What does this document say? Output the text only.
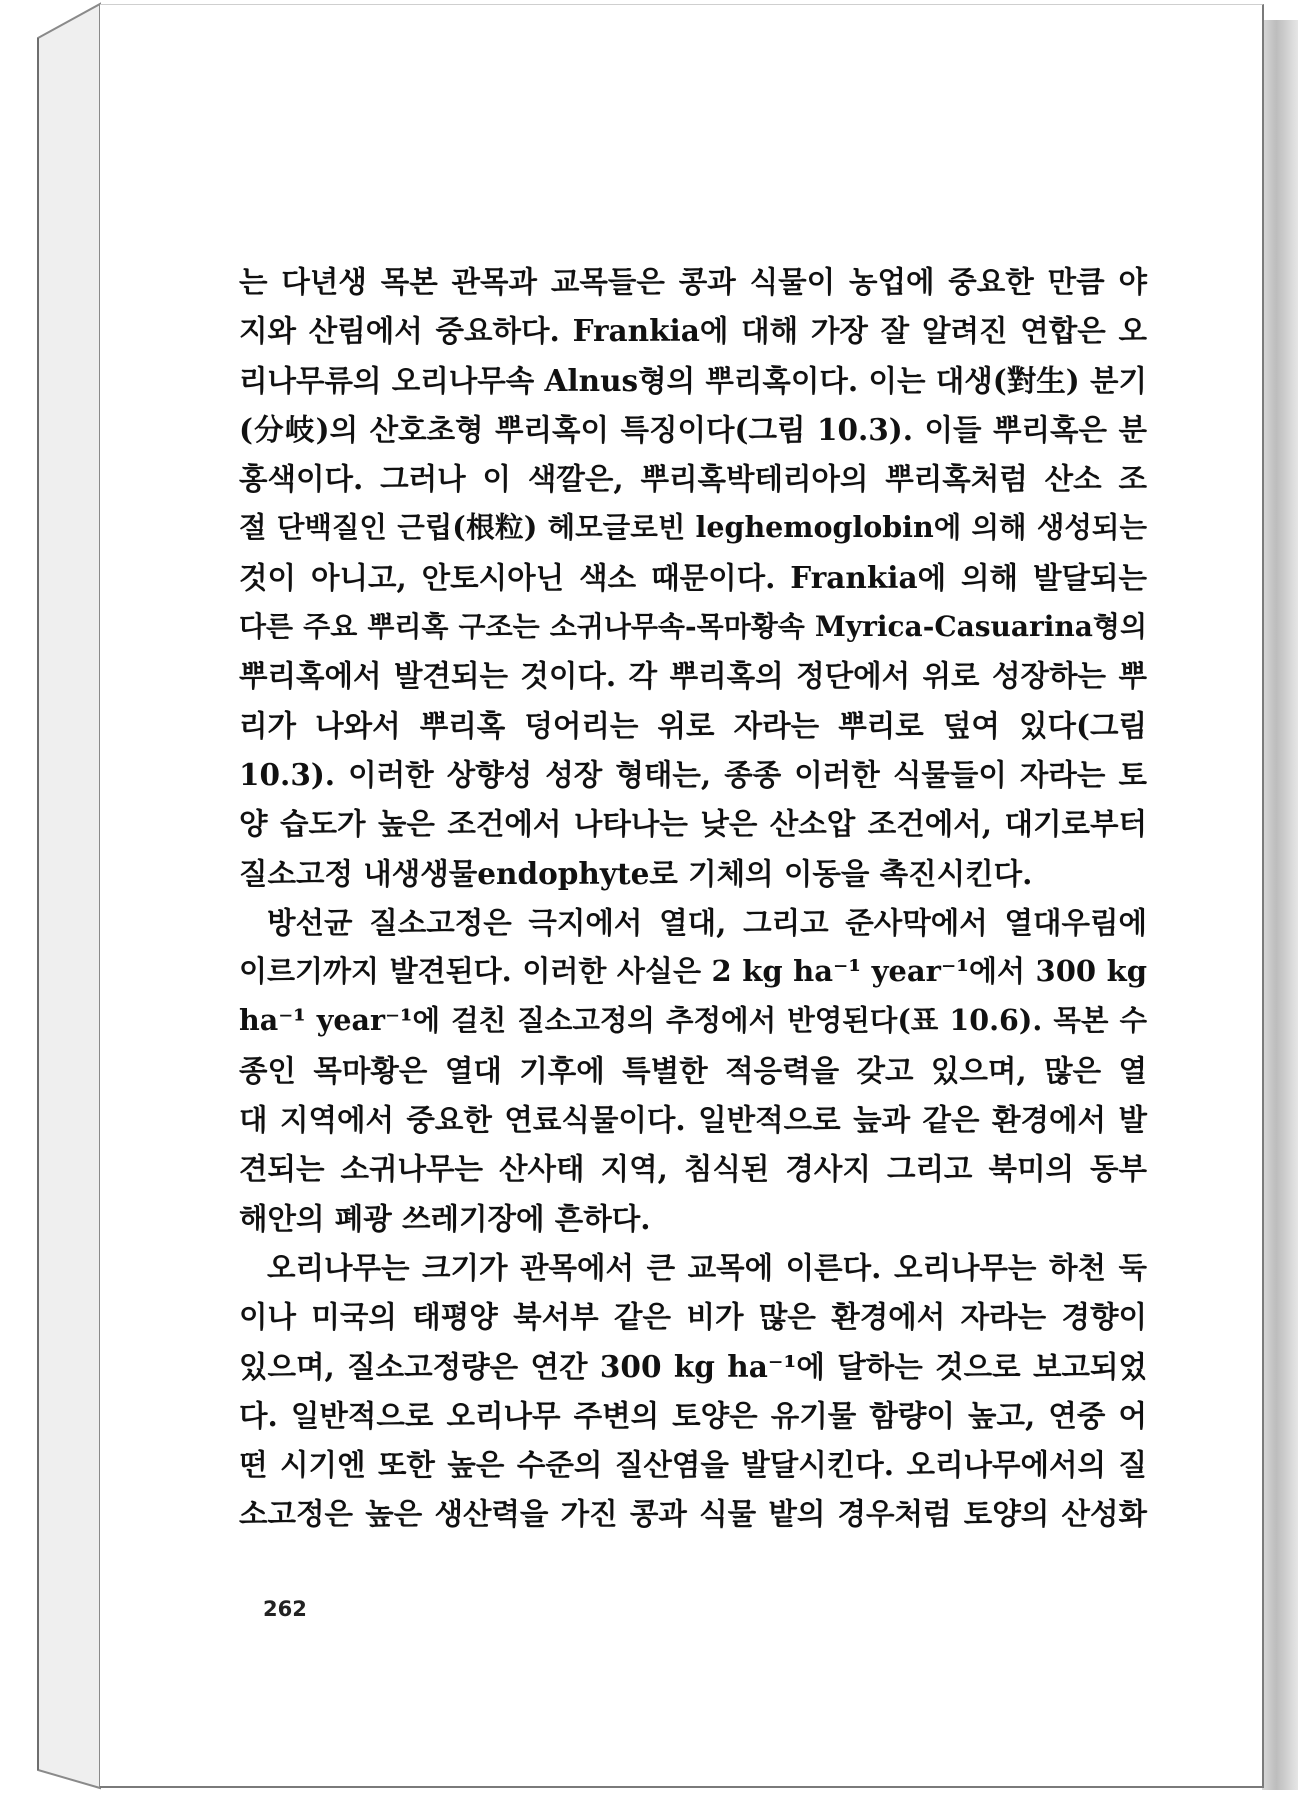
는 다년생 목본 관목과 교목들은 콩과 식물이 농업에 중요한 만큼 야
지와 산림에서 중요하다. Frankia에 대해 가장 잘 알려진 연합은 오
리나무류의 오리나무속 Alnus형의 뿌리혹이다. 이는 대생(對生) 분기
(分岐)의 산호초형 뿌리혹이 특징이다(그림 10.3). 이들 뿌리혹은 분
홍색이다. 그러나 이 색깔은, 뿌리혹박테리아의 뿌리혹처럼 산소 조
절 단백질인 근립(根粒) 헤모글로빈 leghemoglobin에 의해 생성되는
것이 아니고, 안토시아닌 색소 때문이다. Frankia에 의해 발달되는
다른 주요 뿌리혹 구조는 소귀나무속-목마황속 Myrica-Casuarina형의
뿌리혹에서 발견되는 것이다. 각 뿌리혹의 정단에서 위로 성장하는 뿌
리가 나와서 뿌리혹 덩어리는 위로 자라는 뿌리로 덮여 있다(그림
10.3). 이러한 상향성 성장 형태는, 종종 이러한 식물들이 자라는 토
양 습도가 높은 조건에서 나타나는 낮은 산소압 조건에서, 대기로부터
질소고정 내생생물endophyte로 기체의 이동을 촉진시킨다.
방선균 질소고정은 극지에서 열대, 그리고 준사막에서 열대우림에
이르기까지 발견된다. 이러한 사실은 2 kg ha⁻¹ year⁻¹에서 300 kg
ha⁻¹ year⁻¹에 걸친 질소고정의 추정에서 반영된다(표 10.6). 목본 수
종인 목마황은 열대 기후에 특별한 적응력을 갖고 있으며, 많은 열
대 지역에서 중요한 연료식물이다. 일반적으로 늪과 같은 환경에서 발
견되는 소귀나무는 산사태 지역, 침식된 경사지 그리고 북미의 동부
해안의 폐광 쓰레기장에 흔하다.
오리나무는 크기가 관목에서 큰 교목에 이른다. 오리나무는 하천 둑
이나 미국의 태평양 북서부 같은 비가 많은 환경에서 자라는 경향이
있으며, 질소고정량은 연간 300 kg ha⁻¹에 달하는 것으로 보고되었
다. 일반적으로 오리나무 주변의 토양은 유기물 함량이 높고, 연중 어
떤 시기엔 또한 높은 수준의 질산염을 발달시킨다. 오리나무에서의 질
소고정은 높은 생산력을 가진 콩과 식물 밭의 경우처럼 토양의 산성화
262
